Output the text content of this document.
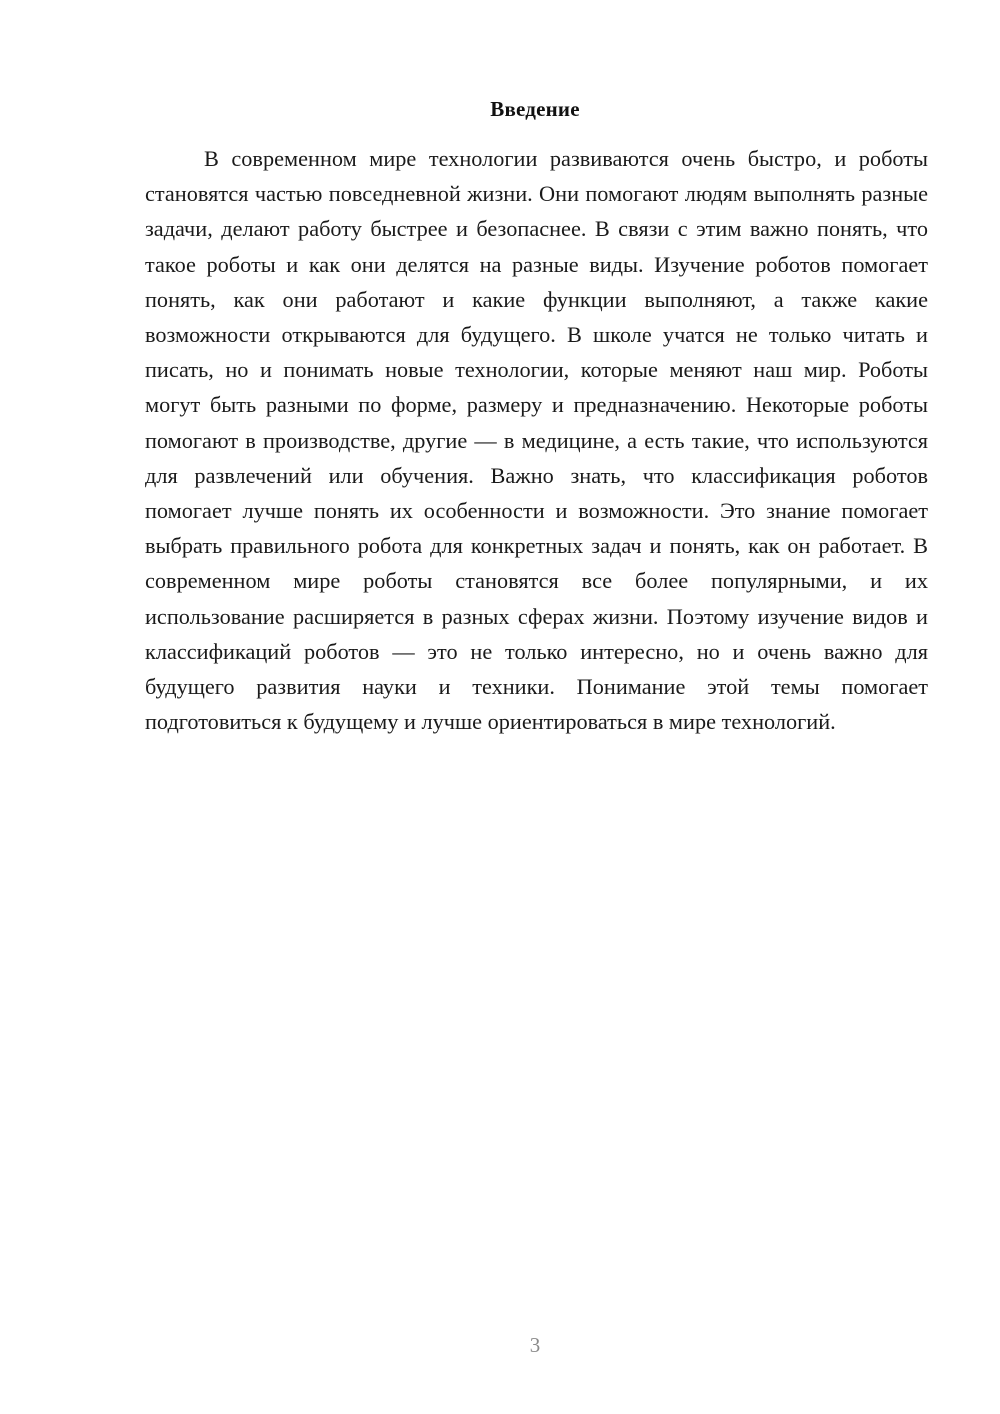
Введение

В современном мире технологии развиваются очень быстро, и роботы становятся частью повседневной жизни. Они помогают людям выполнять разные задачи, делают работу быстрее и безопаснее. В связи с этим важно понять, что такое роботы и как они делятся на разные виды. Изучение роботов помогает понять, как они работают и какие функции выполняют, а также какие возможности открываются для будущего. В школе учатся не только читать и писать, но и понимать новые технологии, которые меняют наш мир. Роботы могут быть разными по форме, размеру и предназначению. Некоторые роботы помогают в производстве, другие — в медицине, а есть такие, что используются для развлечений или обучения. Важно знать, что классификация роботов помогает лучше понять их особенности и возможности. Это знание помогает выбрать правильного робота для конкретных задач и понять, как он работает. В современном мире роботы становятся все более популярными, и их использование расширяется в разных сферах жизни. Поэтому изучение видов и классификаций роботов — это не только интересно, но и очень важно для будущего развития науки и техники. Понимание этой темы помогает подготовиться к будущему и лучше ориентироваться в мире технологий.

3
